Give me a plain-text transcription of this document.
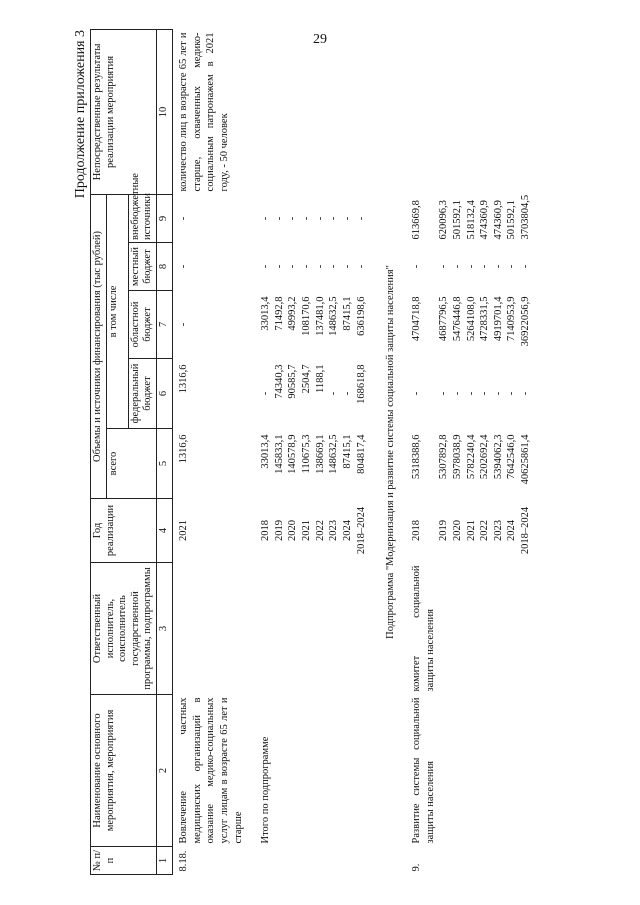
29
Продолжение приложения 3
№ п/п	Наименование основного мероприятия, мероприятия	Ответственный исполнитель, соисполнитель государственной программы, подпрограммы	Год реализации	Объемы и источники финансирования (тыс рублей)					Непосредственные результаты реализации мероприятия
				всего	в том числе				
					федеральный бюджет	областной бюджет	местный бюджет	внебюджетные источники	
1	2	3	4	5	6	7	8	9	10
8.18.	Вовлечение частных медицинских организаций в оказание медико-социальных услуг лицам в возрасте 65 лет и старше		2021	1316,6	1316,6	-	-	-	количество лиц в возрасте 65 лет и старше, охваченных медико-социальным патронажем в 2021 году, - 50 человек

	Итого по подпрограмме		2018	33013,4	-	33013,4	-	-	
			2019	145833,1	74340,3	71492,8	-	-	
			2020	140578,9	90585,7	49993,2	-	-	
			2021	110675,3	2504,7	108170,6	-	-	
			2022	138669,1	1188,1	137481,0	-	-	
			2023	148632,5	-	148632,5	-	-	
			2024	87415,1	-	87415,1	-	-	
			2018–2024	804817,4	168618,8	636198,6	-	-	
Подпрограмма "Модернизация и развитие системы социальной защиты населения"									
9.	Развитие системы социальной защиты населения	комитет социальной защиты населения	2018	5318388,6	-	4704718,8	-	613669,8	
			2019	5307892,8	-	4687796,5	-	620096,3	
			2020	5978038,9	-	5476446,8	-	501592,1	
			2021	5782240,4	-	5264108,0	-	518132,4	
			2022	5202692,4	-	4728331,5	-	474360,9	
			2023	5394062,3	-	4919701,4	-	474360,9	
			2024	7642546,0	-	7140953,9	-	501592,1	
			2018–2024	40625861,4	-	36922056,9	-	3703804,5	
